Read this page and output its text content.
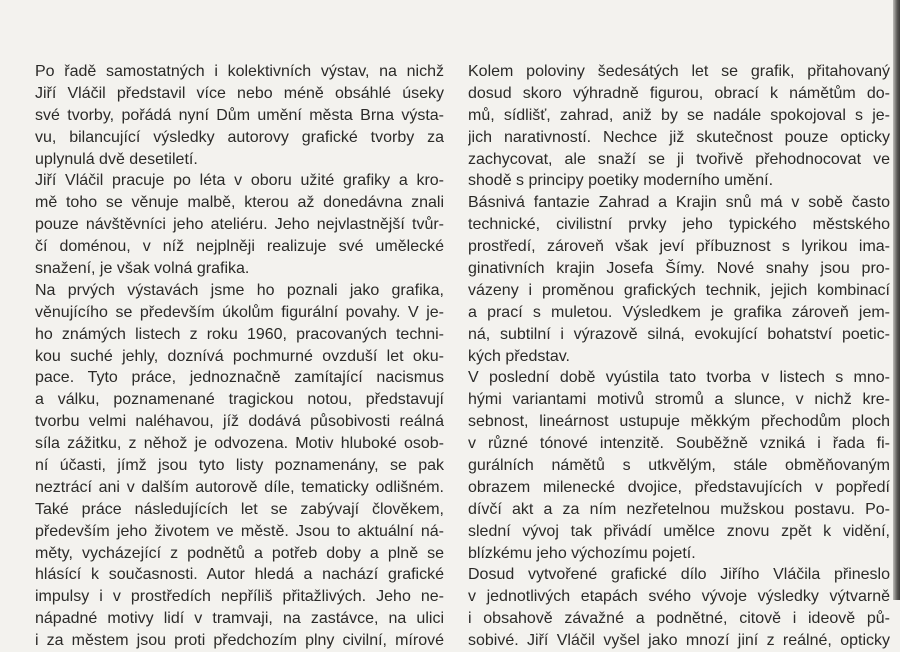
Po řadě samostatných i kolektivních výstav, na nichž
Jiří Vláčil představil více nebo méně obsáhlé úseky
své tvorby, pořádá nyní Dům umění města Brna výsta-
vu, bilancující výsledky autorovy grafické tvorby za
uplynulá dvě desetiletí.
Jiří Vláčil pracuje po léta v oboru užité grafiky a kro-
mě toho se věnuje malbě, kterou až donedávna znali
pouze návštěvníci jeho ateliéru. Jeho nejvlastnější tvůr-
čí doménou, v níž nejplněji realizuje své umělecké
snažení, je však volná grafika.
Na prvých výstavách jsme ho poznali jako grafika,
věnujícího se především úkolům figurální povahy. V je-
ho známých listech z roku 1960, pracovaných techni-
kou suché jehly, doznívá pochmurné ovzduší let oku-
pace. Tyto práce, jednoznačně zamítající nacismus
a válku, poznamenané tragickou notou, představují
tvorbu velmi naléhavou, jíž dodává působivosti reálná
síla zážitku, z něhož je odvozena. Motiv hluboké osob-
ní účasti, jímž jsou tyto listy poznamenány, se pak
neztrácí ani v dalším autorově díle, tematicky odlišném.
Také práce následujících let se zabývají člověkem,
především jeho životem ve městě. Jsou to aktuální ná-
měty, vycházející z podnětů a potřeb doby a plně se
hlásící k současnosti. Autor hledá a nachází grafické
impulsy i v prostředích nepříliš přitažlivých. Jeho ne-
nápadné motivy lidí v tramvaji, na zastávce, na ulici
i za městem jsou proti předchozím plny civilní, mírové
Kolem poloviny šedesátých let se grafik, přitahovaný
dosud skoro výhradně figurou, obrací k námětům do-
mů, sídlišť, zahrad, aniž by se nadále spokojoval s je-
jich narativností. Nechce již skutečnost pouze opticky
zachycovat, ale snaží se ji tvořivě přehodnocovat ve
shodě s principy poetiky moderního umění.
Básnivá fantazie Zahrad a Krajin snů má v sobě často
technické, civilistní prvky jeho typického městského
prostředí, zároveň však jeví příbuznost s lyrikou ima-
ginativních krajin Josefa Šímy. Nové snahy jsou pro-
vázeny i proměnou grafických technik, jejich kombinací
a prací s muletou. Výsledkem je grafika zároveň jem-
ná, subtilní i výrazově silná, evokující bohatství poetic-
kých představ.
V poslední době vyústila tato tvorba v listech s mno-
hými variantami motivů stromů a slunce, v nichž kre-
sebnost, lineárnost ustupuje měkkým přechodům ploch
v různé tónové intenzitě. Souběžně vzniká i řada fi-
gurálních námětů s utkvělým, stále obměňovaným
obrazem milenecké dvojice, představujících v popředí
dívčí akt a za ním nezřetelnou mužskou postavu. Po-
slední vývoj tak přivádí umělce znovu zpět k vidění,
blízkému jeho výchozímu pojetí.
Dosud vytvořené grafické dílo Jiřího Vláčila přineslo
v jednotlivých etapách svého vývoje výsledky výtvarně
i obsahově závažné a podnětné, citově i ideově pů-
sobivé. Jiří Vláčil vyšel jako mnozí jiní z reálné, opticky
